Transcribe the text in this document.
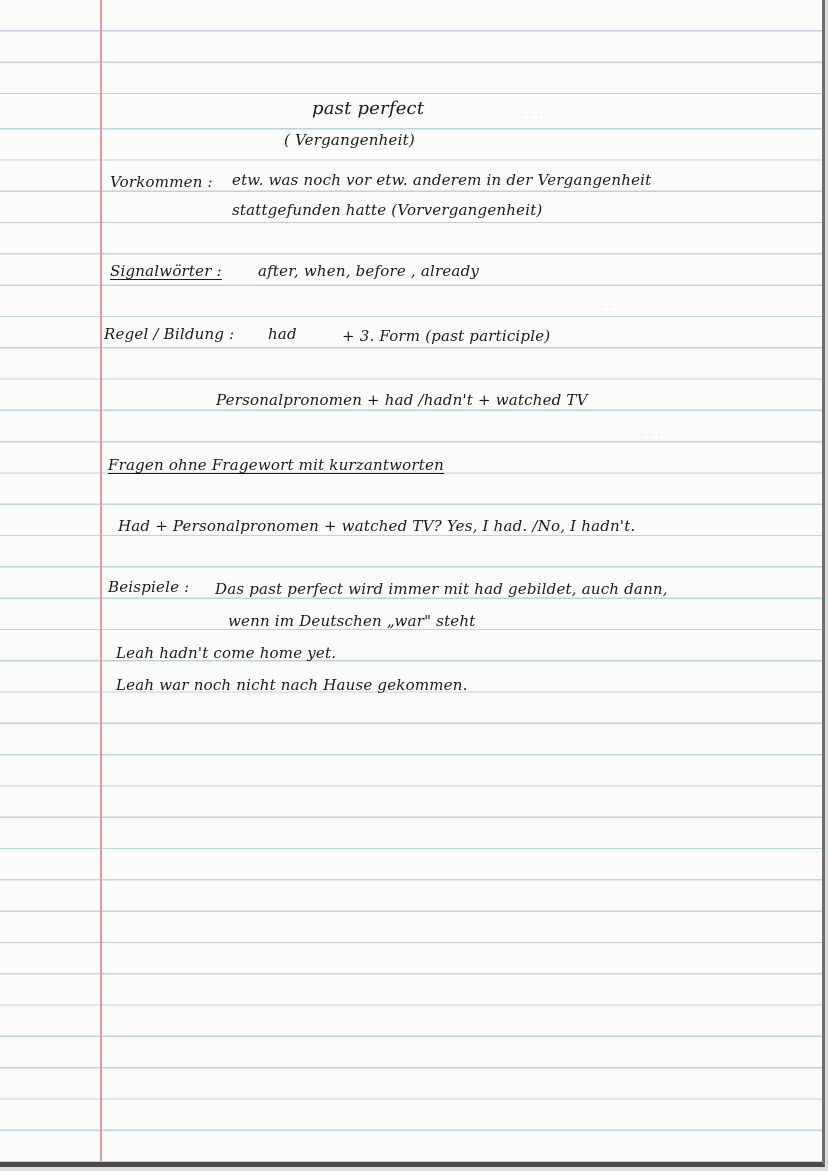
· · ·
· ·
· · ·
past perfect
( Vergangenheit)
Vorkommen : etw. was noch vor etw. anderem in der Vergangenheit
stattgefunden hatte (Vorvergangenheit)
Signalwörter : after, when, before , already
Regel / Bildung : had	+ 3. Form (past participle)
Personalpronomen + had /hadn't + watched TV
Fragen ohne Fragewort mit kurzantworten
Had + Personalpronomen + watched TV? Yes, I had. /No, I hadn't.
Beispiele : Das past perfect wird immer mit had gebildet, auch dann,
wenn im Deutschen „war" steht
Leah hadn't come home yet.
Leah war noch nicht nach Hause gekommen.
